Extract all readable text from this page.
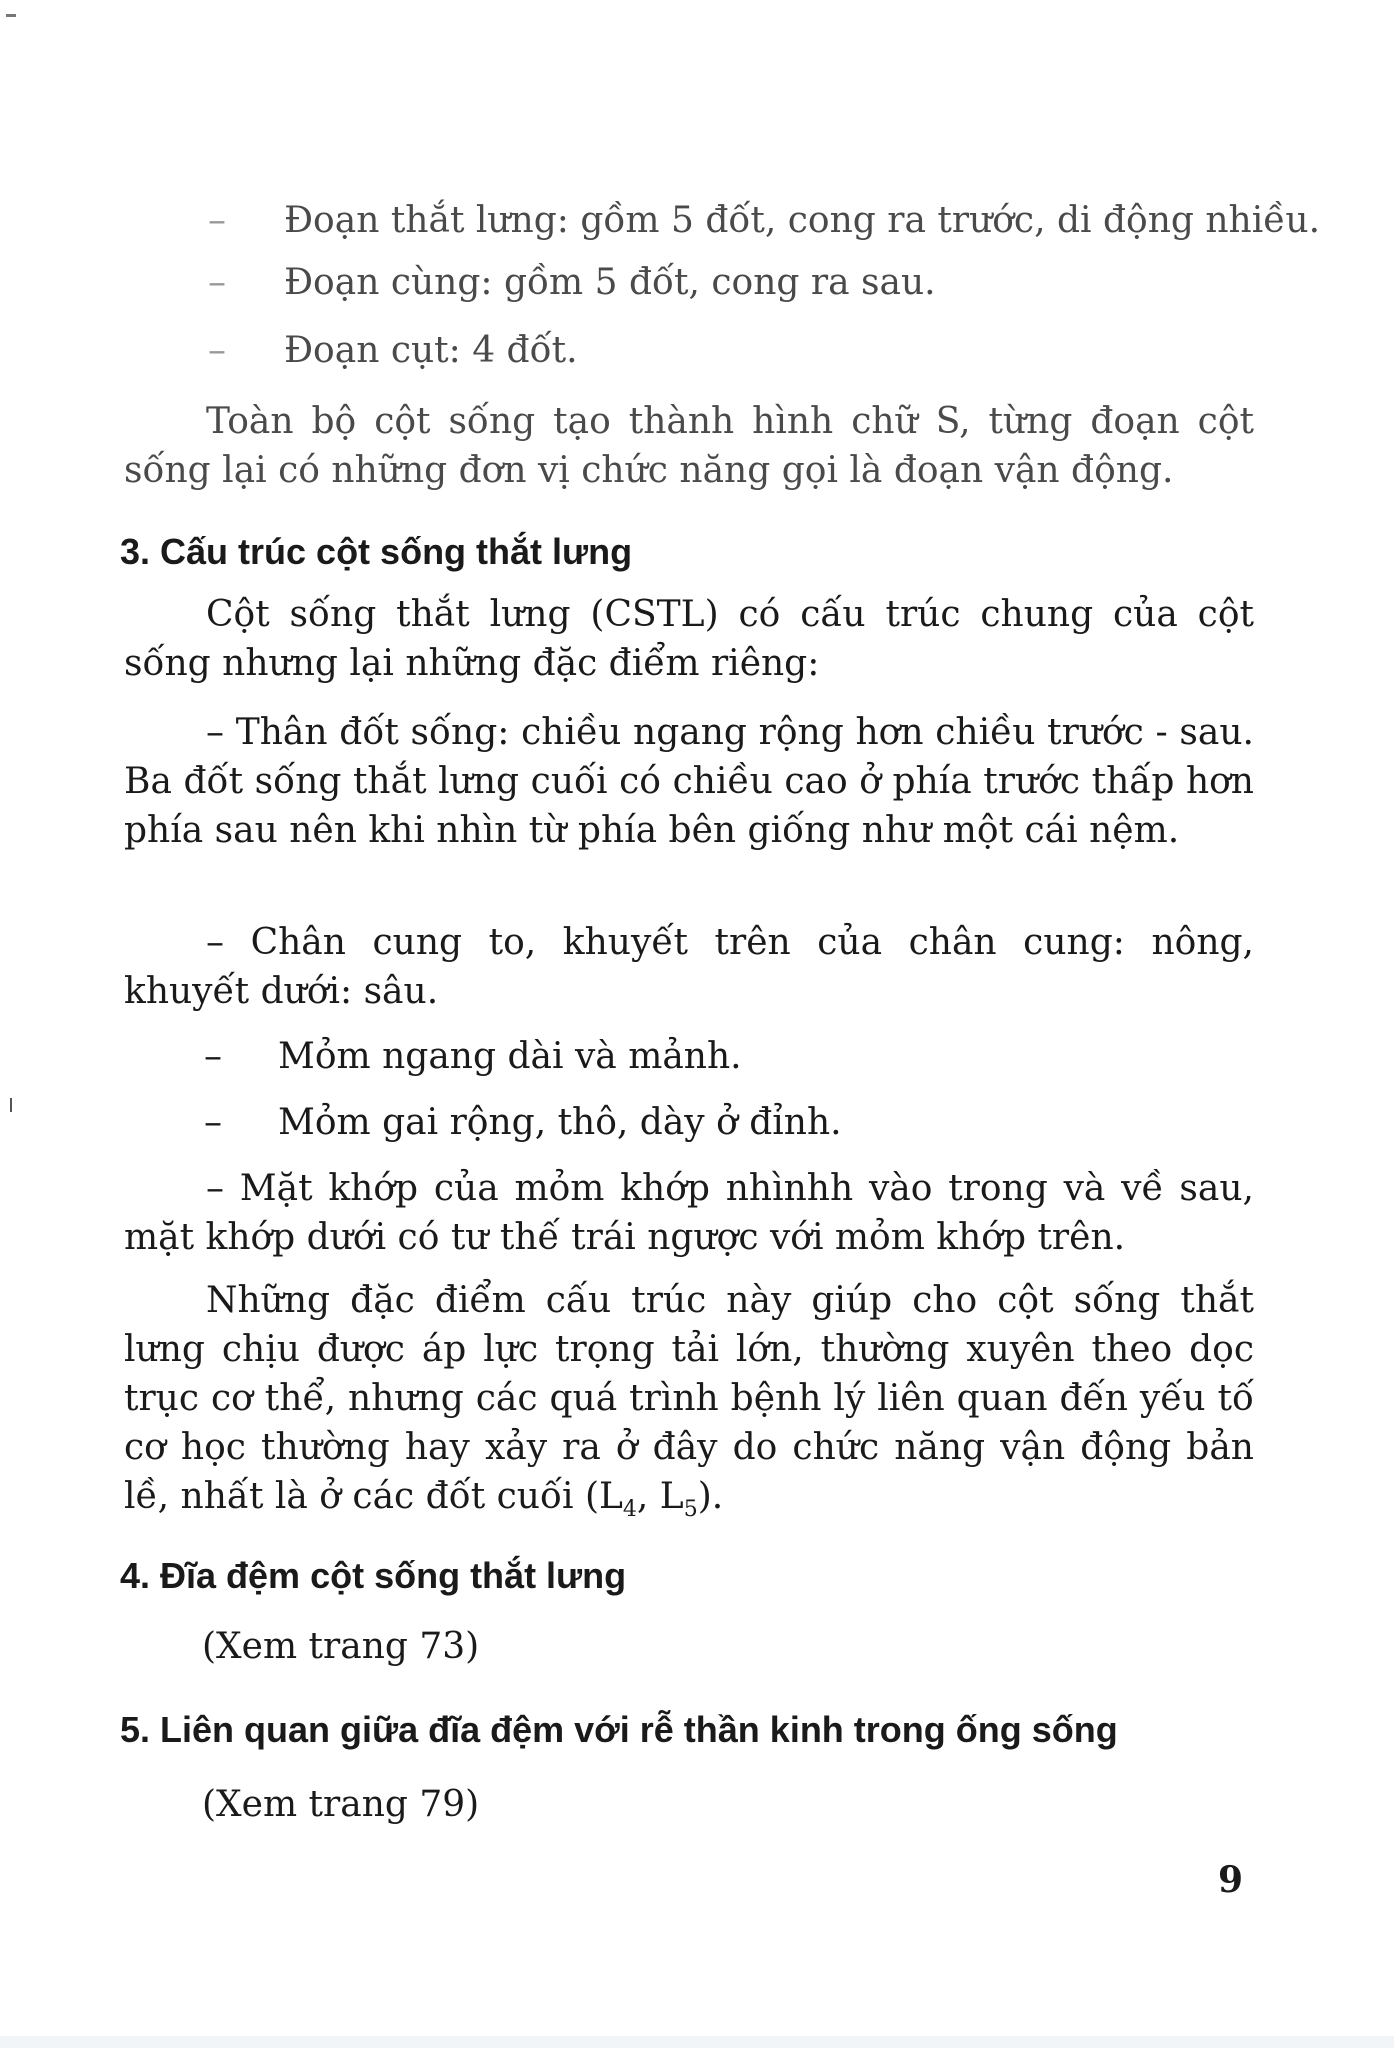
– Đoạn thắt lưng: gồm 5 đốt, cong ra trước, di động nhiều.
– Đoạn cùng: gồm 5 đốt, cong ra sau.
– Đoạn cụt: 4 đốt.
Toàn bộ cột sống tạo thành hình chữ S, từng đoạn cột sống lại có những đơn vị chức năng gọi là đoạn vận động.
3. Cấu trúc cột sống thắt lưng
Cột sống thắt lưng (CSTL) có cấu trúc chung của cột sống nhưng lại những đặc điểm riêng:
– Thân đốt sống: chiều ngang rộng hơn chiều trước - sau. Ba đốt sống thắt lưng cuối có chiều cao ở phía trước thấp hơn phía sau nên khi nhìn từ phía bên giống như một cái nệm.
– Chân cung to, khuyết trên của chân cung: nông, khuyết dưới: sâu.
– Mỏm ngang dài và mảnh.
– Mỏm gai rộng, thô, dày ở đỉnh.
– Mặt khớp của mỏm khớp nhìnhh vào trong và về sau, mặt khớp dưới có tư thế trái ngược với mỏm khớp trên.
Những đặc điểm cấu trúc này giúp cho cột sống thắt lưng chịu được áp lực trọng tải lớn, thường xuyên theo dọc trục cơ thể, nhưng các quá trình bệnh lý liên quan đến yếu tố cơ học thường hay xảy ra ở đây do chức năng vận động bản lề, nhất là ở các đốt cuối ($L_4$, $L_5$).
4. Đĩa đệm cột sống thắt lưng
(Xem trang 73)
5. Liên quan giữa đĩa đệm với rễ thần kinh trong ống sống
(Xem trang 79)
9
